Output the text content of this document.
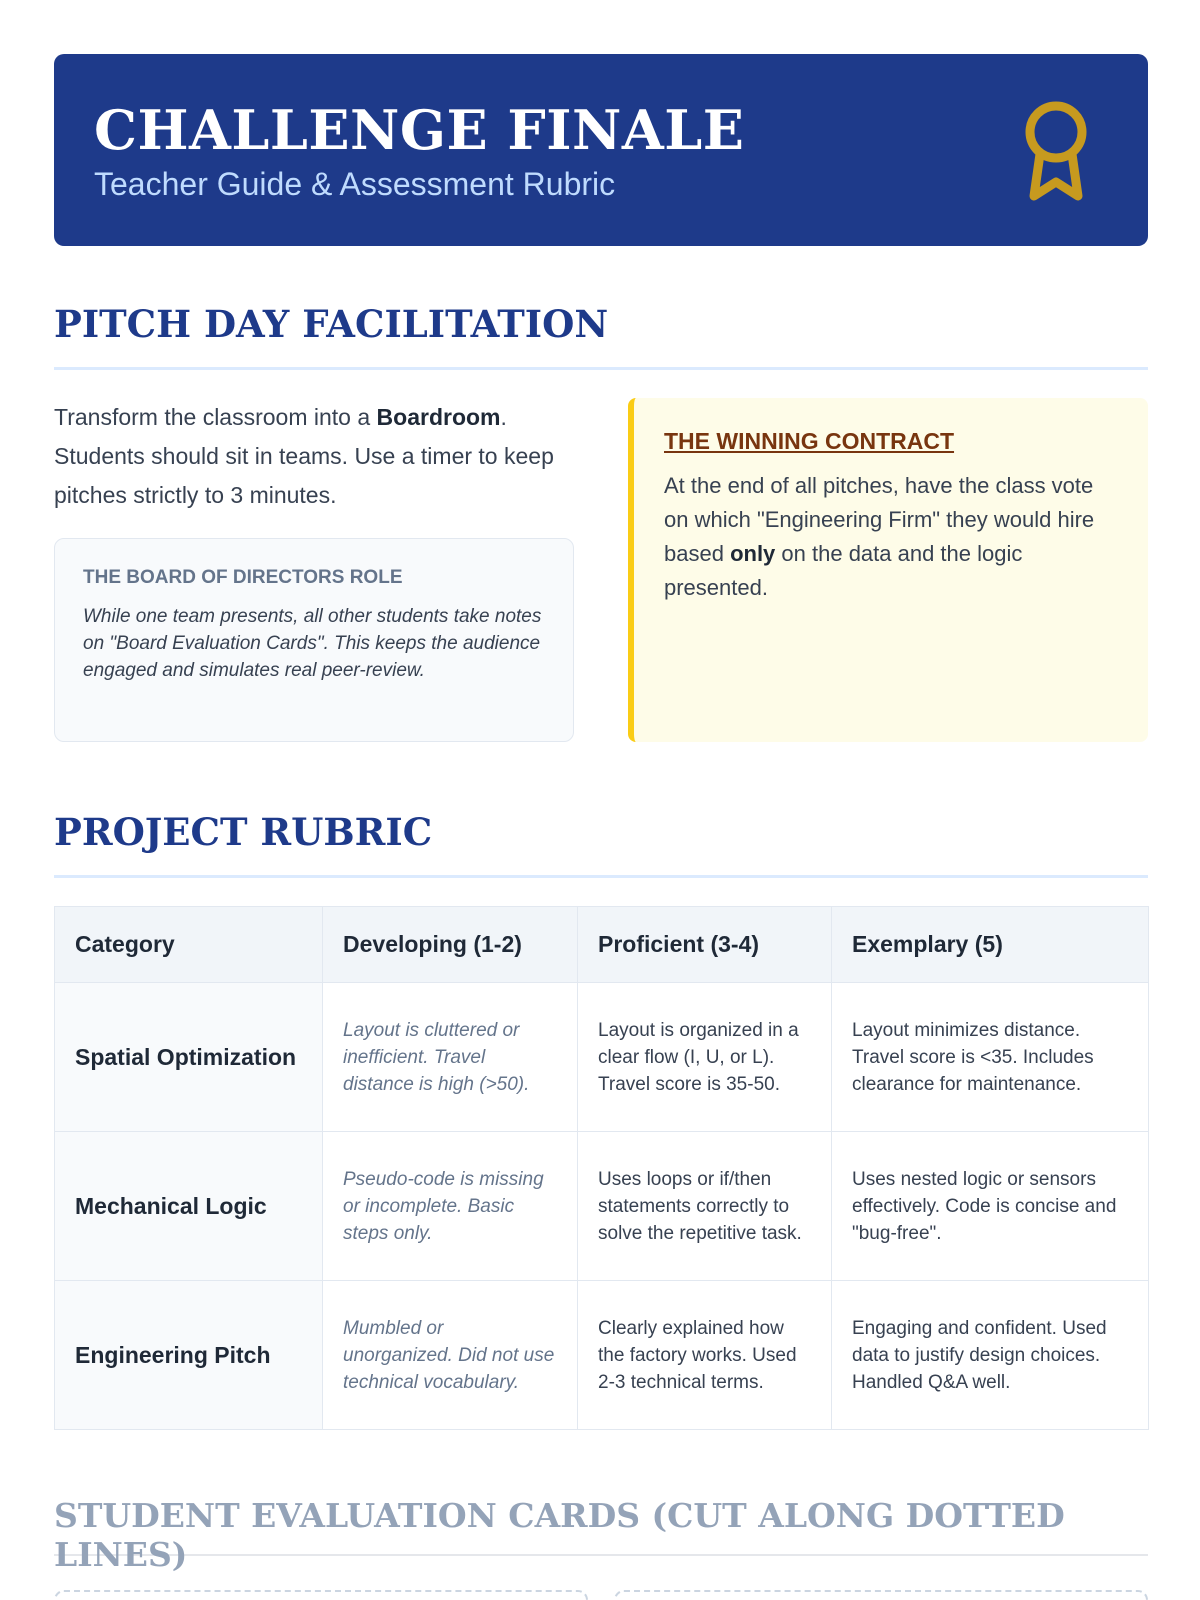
CHALLENGE FINALE
Teacher Guide & Assessment Rubric
PITCH DAY FACILITATION
Transform the classroom into a Boardroom. Students should sit in teams. Use a timer to keep pitches strictly to 3 minutes.
THE BOARD OF DIRECTORS ROLE
While one team presents, all other students take notes on "Board Evaluation Cards". This keeps the audience engaged and simulates real peer-review.
THE WINNING CONTRACT
At the end of all pitches, have the class vote on which "Engineering Firm" they would hire based only on the data and the logic presented.
PROJECT RUBRIC
Category	Developing (1-2)	Proficient (3-4)	Exemplary (5)
Spatial Optimization	Layout is cluttered or inefficient. Travel distance is high (>50).	Layout is organized in a clear flow (I, U, or L). Travel score is 35-50.	Layout minimizes distance. Travel score is <35. Includes clearance for maintenance.
Mechanical Logic	Pseudo-code is missing or incomplete. Basic steps only.	Uses loops or if/then statements correctly to solve the repetitive task.	Uses nested logic or sensors effectively. Code is concise and "bug-free".
Engineering Pitch	Mumbled or unorganized. Did not use technical vocabulary.	Clearly explained how the factory works. Used 2-3 technical terms.	Engaging and confident. Used data to justify design choices. Handled Q&A well.
STUDENT EVALUATION CARDS (CUT ALONG DOTTED LINES)
